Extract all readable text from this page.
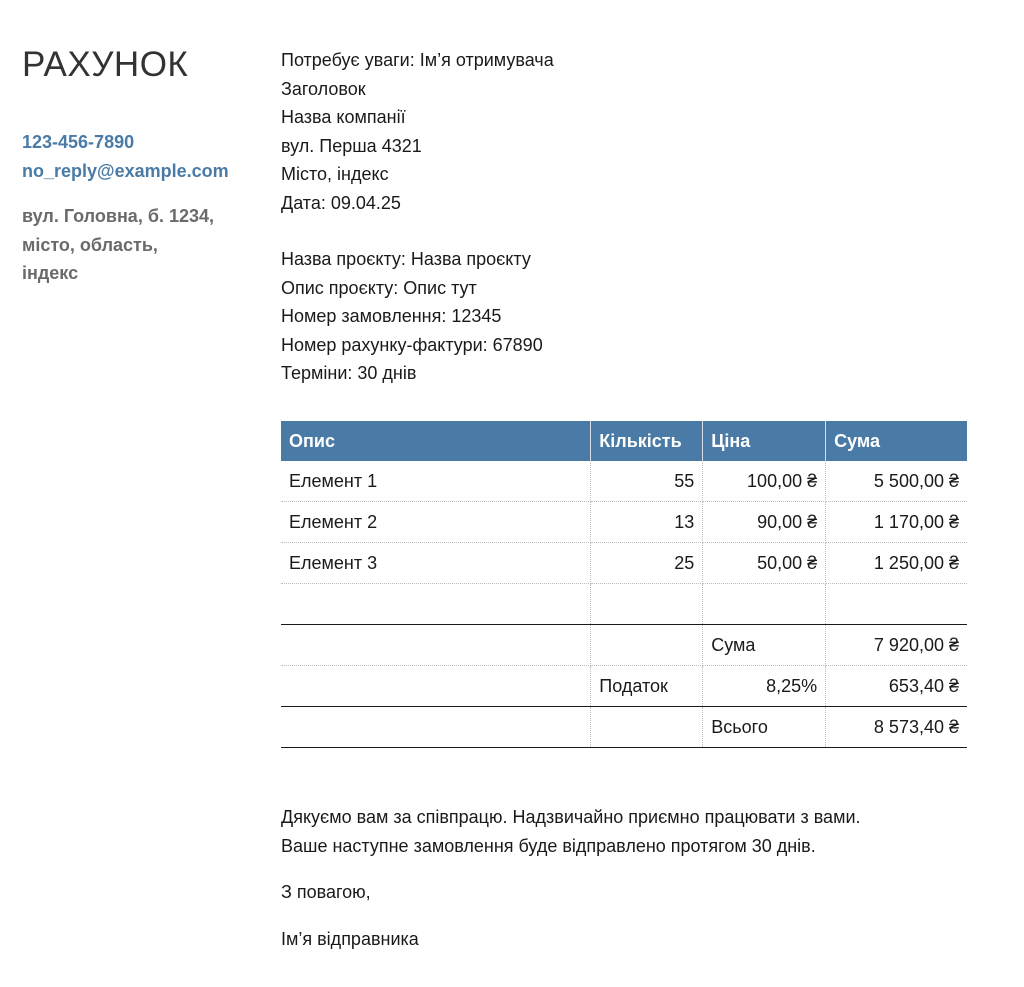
РАХУНОК
123-456-7890
no_reply@example.com
вул. Головна, б. 1234,
місто, область,
індекс
Потребує уваги: Ім’я отримувача
Заголовок
Назва компанії
вул. Перша 4321
Місто, індекс
Дата: 09.04.25
Назва проєкту: Назва проєкту
Опис проєкту: Опис тут
Номер замовлення: 12345
Номер рахунку-фактури: 67890
Терміни: 30 днів
Опис	Кількість	Ціна	Сума
Елемент 1	55	100,00 ₴	5 500,00 ₴
Елемент 2	13	90,00 ₴	1 170,00 ₴
Елемент 3	25	50,00 ₴	1 250,00 ₴

		Сума	7 920,00 ₴
	Податок	8,25%	653,40 ₴
		Всього	8 573,40 ₴
Дякуємо вам за співпрацю. Надзвичайно приємно працювати з вами.
Ваше наступне замовлення буде відправлено протягом 30 днів.
З повагою,
Ім’я відправника
